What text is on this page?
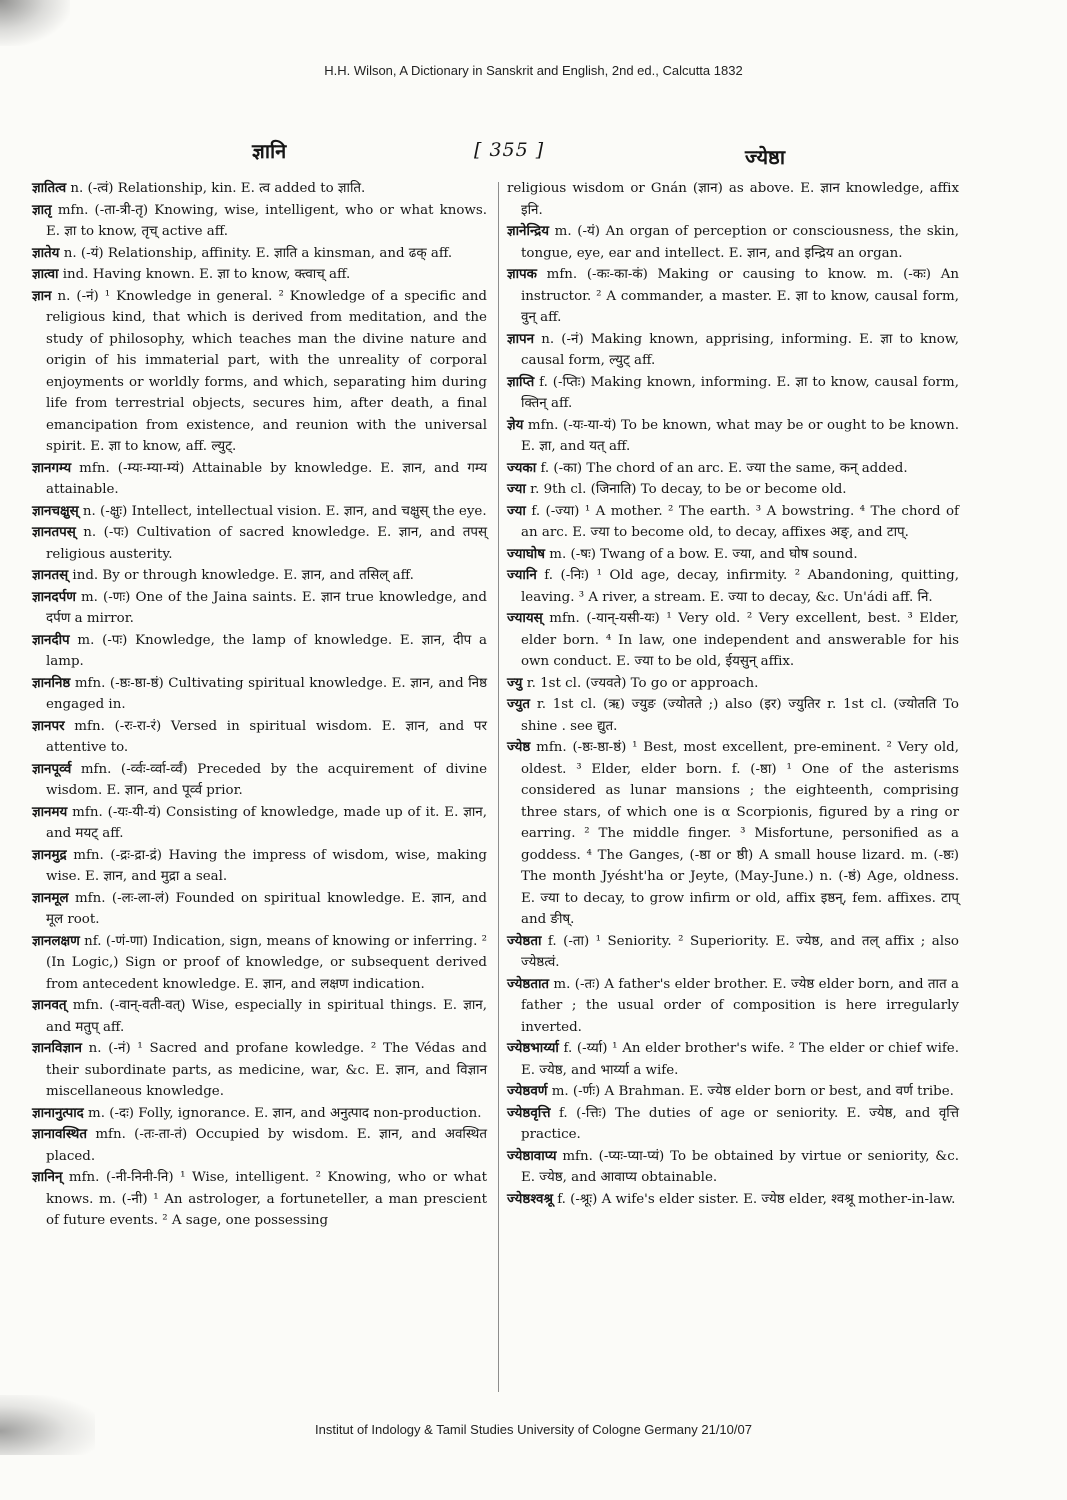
H.H. Wilson, A Dictionary in Sanskrit and English, 2nd ed., Calcutta 1832
ज्ञानि	[ 355 ]	ज्येष्ठा
ज्ञातित्व n. (-त्वं) Relationship, kin. E. त्व added to ज्ञाति.
ज्ञातृ mfn. (-ता-त्री-तृ) Knowing, wise, intelligent, who or what knows. E. ज्ञा to know, तृच् active aff.
ज्ञातेय n. (-यं) Relationship, affinity. E. ज्ञाति a kinsman, and ढक् aff.
ज्ञात्वा ind. Having known. E. ज्ञा to know, क्त्वाच् aff.
ज्ञान n. (-नं) ¹ Knowledge in general. ² Knowledge of a specific and religious kind, that which is derived from meditation, and the study of philosophy, which teaches man the divine nature and origin of his immaterial part, with the unreality of corporal enjoyments or worldly forms, and which, separating him during life from terrestrial objects, secures him, after death, a final emancipation from existence, and reunion with the universal spirit. E. ज्ञा to know, aff. ल्युट्.
ज्ञानगम्य mfn. (-म्यः-म्या-म्यं) Attainable by knowledge. E. ज्ञान, and गम्य attainable.
ज्ञानचक्षुस् n. (-क्षुः) Intellect, intellectual vision. E. ज्ञान, and चक्षुस् the eye.
ज्ञानतपस् n. (-पः) Cultivation of sacred knowledge. E. ज्ञान, and तपस् religious austerity.
ज्ञानतस् ind. By or through knowledge. E. ज्ञान, and तसिल् aff.
ज्ञानदर्पण m. (-णः) One of the Jaina saints. E. ज्ञान true knowledge, and दर्पण a mirror.
ज्ञानदीप m. (-पः) Knowledge, the lamp of knowledge. E. ज्ञान, दीप a lamp.
ज्ञाननिष्ठ mfn. (-ष्ठः-ष्ठा-ष्ठं) Cultivating spiritual knowledge. E. ज्ञान, and निष्ठ engaged in.
ज्ञानपर mfn. (-रः-रा-रं) Versed in spiritual wisdom. E. ज्ञान, and पर attentive to.
ज्ञानपूर्व्व mfn. (-र्व्वः-र्व्वा-र्व्वं) Preceded by the acquirement of divine wisdom. E. ज्ञान, and पूर्व्व prior.
ज्ञानमय mfn. (-यः-यी-यं) Consisting of knowledge, made up of it. E. ज्ञान, and मयट् aff.
ज्ञानमुद्र mfn. (-द्रः-द्रा-द्रं) Having the impress of wisdom, wise, making wise. E. ज्ञान, and मुद्रा a seal.
ज्ञानमूल mfn. (-लः-ला-लं) Founded on spiritual knowledge. E. ज्ञान, and मूल root.
ज्ञानलक्षण nf. (-णं-णा) Indication, sign, means of knowing or inferring. ² (In Logic,) Sign or proof of knowledge, or subsequent derived from antecedent knowledge. E. ज्ञान, and लक्षण indication.
ज्ञानवत् mfn. (-वान्-वती-वत्) Wise, especially in spiritual things. E. ज्ञान, and मतुप् aff.
ज्ञानविज्ञान n. (-नं) ¹ Sacred and profane kowledge. ² The Védas and their subordinate parts, as medicine, war, &c. E. ज्ञान, and विज्ञान miscellaneous knowledge.
ज्ञानानुत्पाद m. (-दः) Folly, ignorance. E. ज्ञान, and अनुत्पाद non-production.
ज्ञानावस्थित mfn. (-तः-ता-तं) Occupied by wisdom. E. ज्ञान, and अवस्थित placed.
ज्ञानिन् mfn. (-नी-निनी-नि) ¹ Wise, intelligent. ² Knowing, who or what knows. m. (-नी) ¹ An astrologer, a fortuneteller, a man prescient of future events. ² A sage, one possessing
religious wisdom or Gnán (ज्ञान) as above. E. ज्ञान knowledge, affix इनि.
ज्ञानेन्द्रिय m. (-यं) An organ of perception or consciousness, the skin, tongue, eye, ear and intellect. E. ज्ञान, and इन्द्रिय an organ.
ज्ञापक mfn. (-कः-का-कं) Making or causing to know. m. (-कः) An instructor. ² A commander, a master. E. ज्ञा to know, causal form, वुन् aff.
ज्ञापन n. (-नं) Making known, apprising, informing. E. ज्ञा to know, causal form, ल्युट् aff.
ज्ञाप्ति f. (-प्तिः) Making known, informing. E. ज्ञा to know, causal form, क्तिन् aff.
ज्ञेय mfn. (-यः-या-यं) To be known, what may be or ought to be known. E. ज्ञा, and यत् aff.
ज्यका f. (-का) The chord of an arc. E. ज्या the same, कन् added.
ज्या r. 9th cl. (जिनाति) To decay, to be or become old.
ज्या f. (-ज्या) ¹ A mother. ² The earth. ³ A bowstring. ⁴ The chord of an arc. E. ज्या to become old, to decay, affixes अङ्, and टाप्.
ज्याघोष m. (-षः) Twang of a bow. E. ज्या, and घोष sound.
ज्यानि f. (-निः) ¹ Old age, decay, infirmity. ² Abandoning, quitting, leaving. ³ A river, a stream. E. ज्या to decay, &c. Un'ádi aff. नि.
ज्यायस् mfn. (-यान्-यसी-यः) ¹ Very old. ² Very excellent, best. ³ Elder, elder born. ⁴ In law, one independent and answerable for his own conduct. E. ज्या to be old, ईयसुन् affix.
ज्यु r. 1st cl. (ज्यवते) To go or approach.
ज्युत r. 1st cl. (ऋ) ज्युङ (ज्योतते ;) also (इर) ज्युतिर r. 1st cl. (ज्योतति To shine . see द्युत.
ज्येष्ठ mfn. (-ष्ठः-ष्ठा-ष्ठं) ¹ Best, most excellent, pre-eminent. ² Very old, oldest. ³ Elder, elder born. f. (-ष्ठा) ¹ One of the asterisms considered as lunar mansions ; the eighteenth, comprising three stars, of which one is α Scorpionis, figured by a ring or earring. ² The middle finger. ³ Misfortune, personified as a goddess. ⁴ The Ganges, (-ष्ठा or ष्ठी) A small house lizard. m. (-ष्ठः) The month Jyésht'ha or Jeyte, (May-June.) n. (-ष्ठं) Age, oldness. E. ज्या to decay, to grow infirm or old, affix इष्ठन्, fem. affixes. टाप् and ङीष्.
ज्येष्ठता f. (-ता) ¹ Seniority. ² Superiority. E. ज्येष्ठ, and तल् affix ; also ज्येष्ठत्वं.
ज्येष्ठतात m. (-तः) A father's elder brother. E. ज्येष्ठ elder born, and तात a father ; the usual order of composition is here irregularly inverted.
ज्येष्ठभार्य्या f. (-र्य्या) ¹ An elder brother's wife. ² The elder or chief wife. E. ज्येष्ठ, and भार्य्या a wife.
ज्येष्ठवर्ण m. (-र्णः) A Brahman. E. ज्येष्ठ elder born or best, and वर्ण tribe.
ज्येष्ठवृत्ति f. (-त्तिः) The duties of age or seniority. E. ज्येष्ठ, and वृत्ति practice.
ज्येष्ठावाप्य mfn. (-प्यः-प्या-प्यं) To be obtained by virtue or seniority, &c. E. ज्येष्ठ, and आवाप्य obtainable.
ज्येष्ठश्वश्रू f. (-श्रूः) A wife's elder sister. E. ज्येष्ठ elder, श्वश्रू mother-in-law.
Institut of Indology & Tamil Studies University of Cologne Germany 21/10/07
